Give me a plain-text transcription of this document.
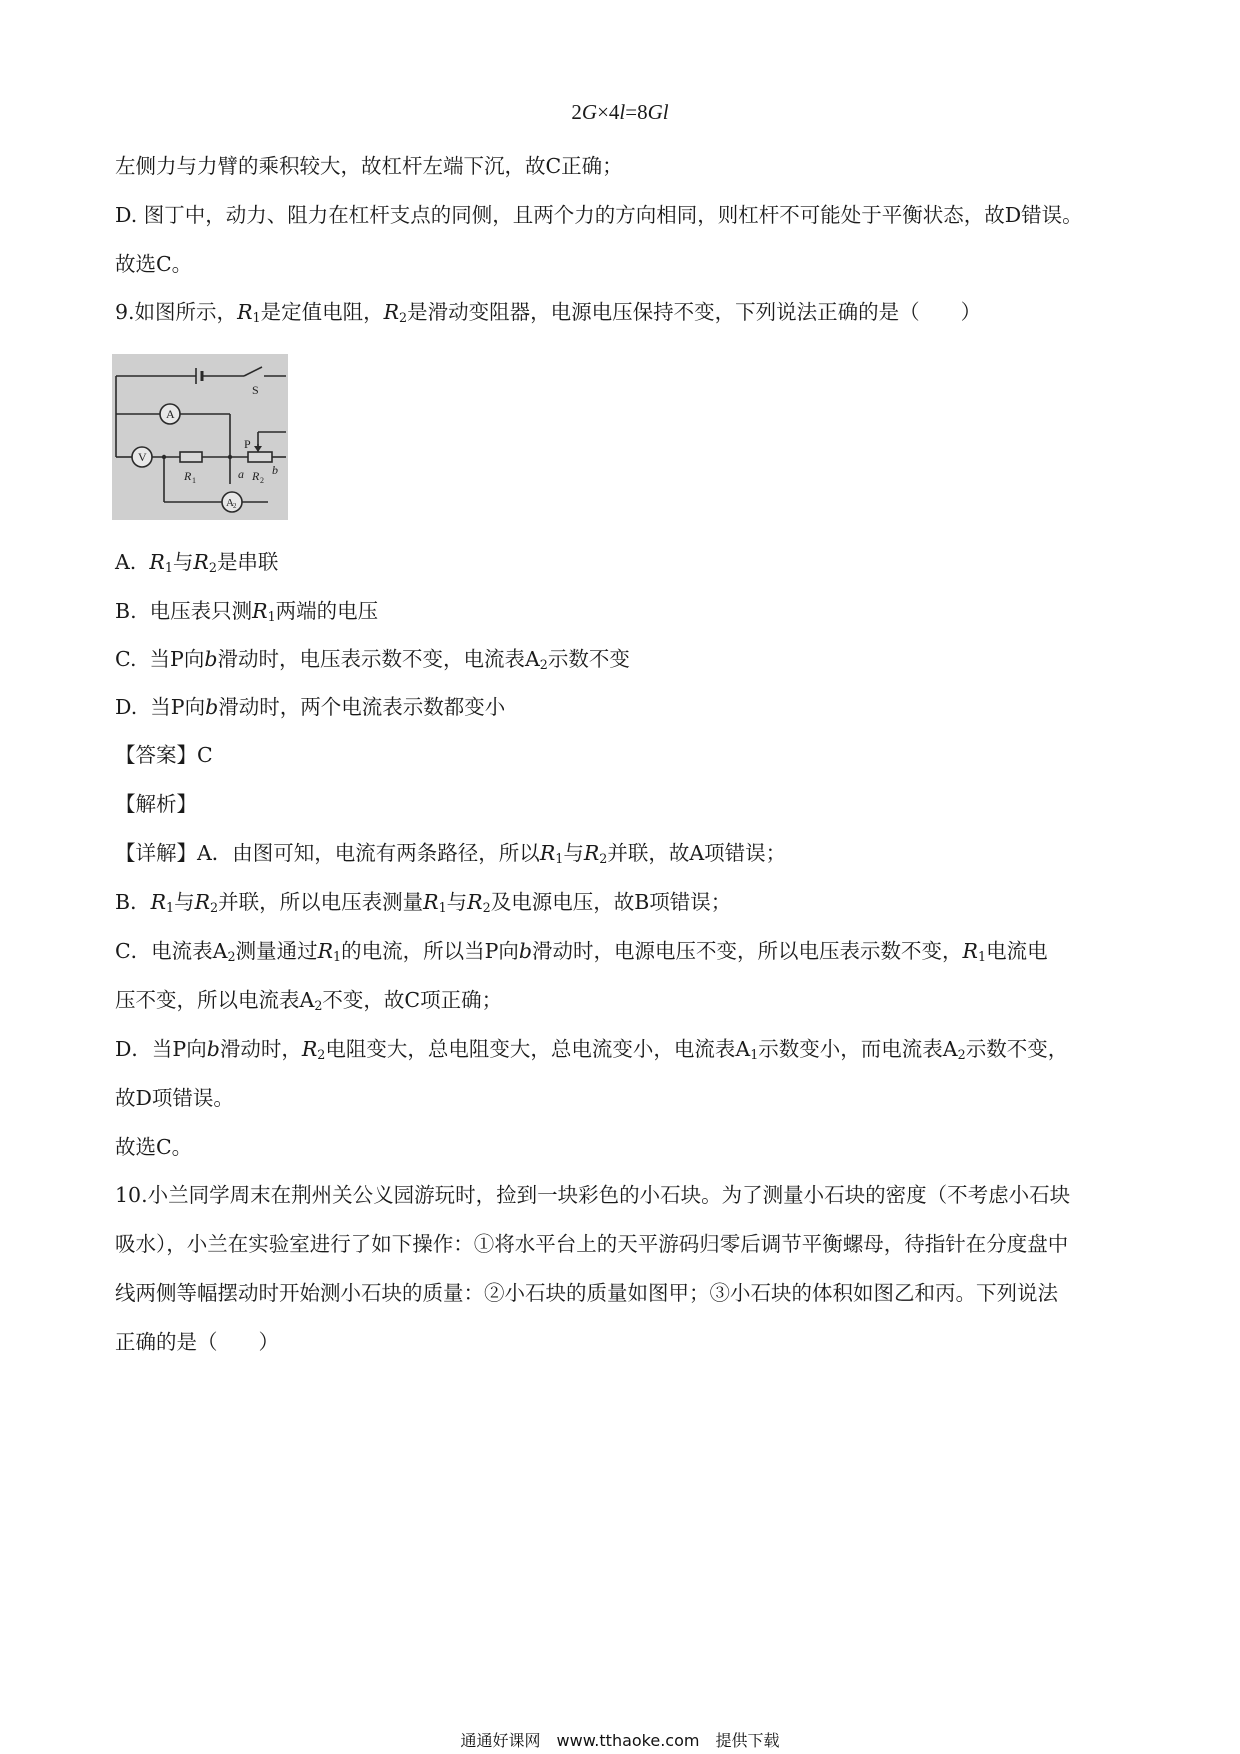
2G×4l=8Gl
左侧力与力臂的乘积较大，故杠杆左端下沉，故C正确；
D. 图丁中，动力、阻力在杠杆支点的同侧，且两个力的方向相同，则杠杆不可能处于平衡状态，故D错误。
故选C。
9.如图所示，$R_1$是定值电阻，$R_2$是滑动变阻器，电源电压保持不变，下列说法正确的是（　　）
S
A
V
P
R 1	a R 2
b
A 2
A. $R_1$与$R_2$是串联
B. 电压表只测$R_1$两端的电压
C. 当P向b滑动时，电压表示数不变，电流表$A_2$示数不变
D. 当P向b滑动时，两个电流表示数都变小
【答案】C
【解析】
【详解】A．由图可知，电流有两条路径，所以$R_1$与$R_2$并联，故A项错误；
B．$R_1$与$R_2$并联，所以电压表测量$R_1$与$R_2$及电源电压，故B项错误；
C．电流表$A_2$测量通过$R_1$的电流，所以当P向b滑动时，电源电压不变，所以电压表示数不变，$R_1$电流电
压不变，所以电流表$A_2$不变，故C项正确；
D．当P向b滑动时，$R_2$电阻变大，总电阻变大，总电流变小，电流表$A_1$示数变小，而电流表$A_2$示数不变，
故D项错误。
故选C。
10.小兰同学周末在荆州关公义园游玩时，捡到一块彩色的小石块。为了测量小石块的密度（不考虑小石块
吸水），小兰在实验室进行了如下操作：①将水平台上的天平游码归零后调节平衡螺母，待指针在分度盘中
线两侧等幅摆动时开始测小石块的质量：②小石块的质量如图甲；③小石块的体积如图乙和丙。下列说法
正确的是（　　）
通通好课网　www.tthaoke.com　提供下载
